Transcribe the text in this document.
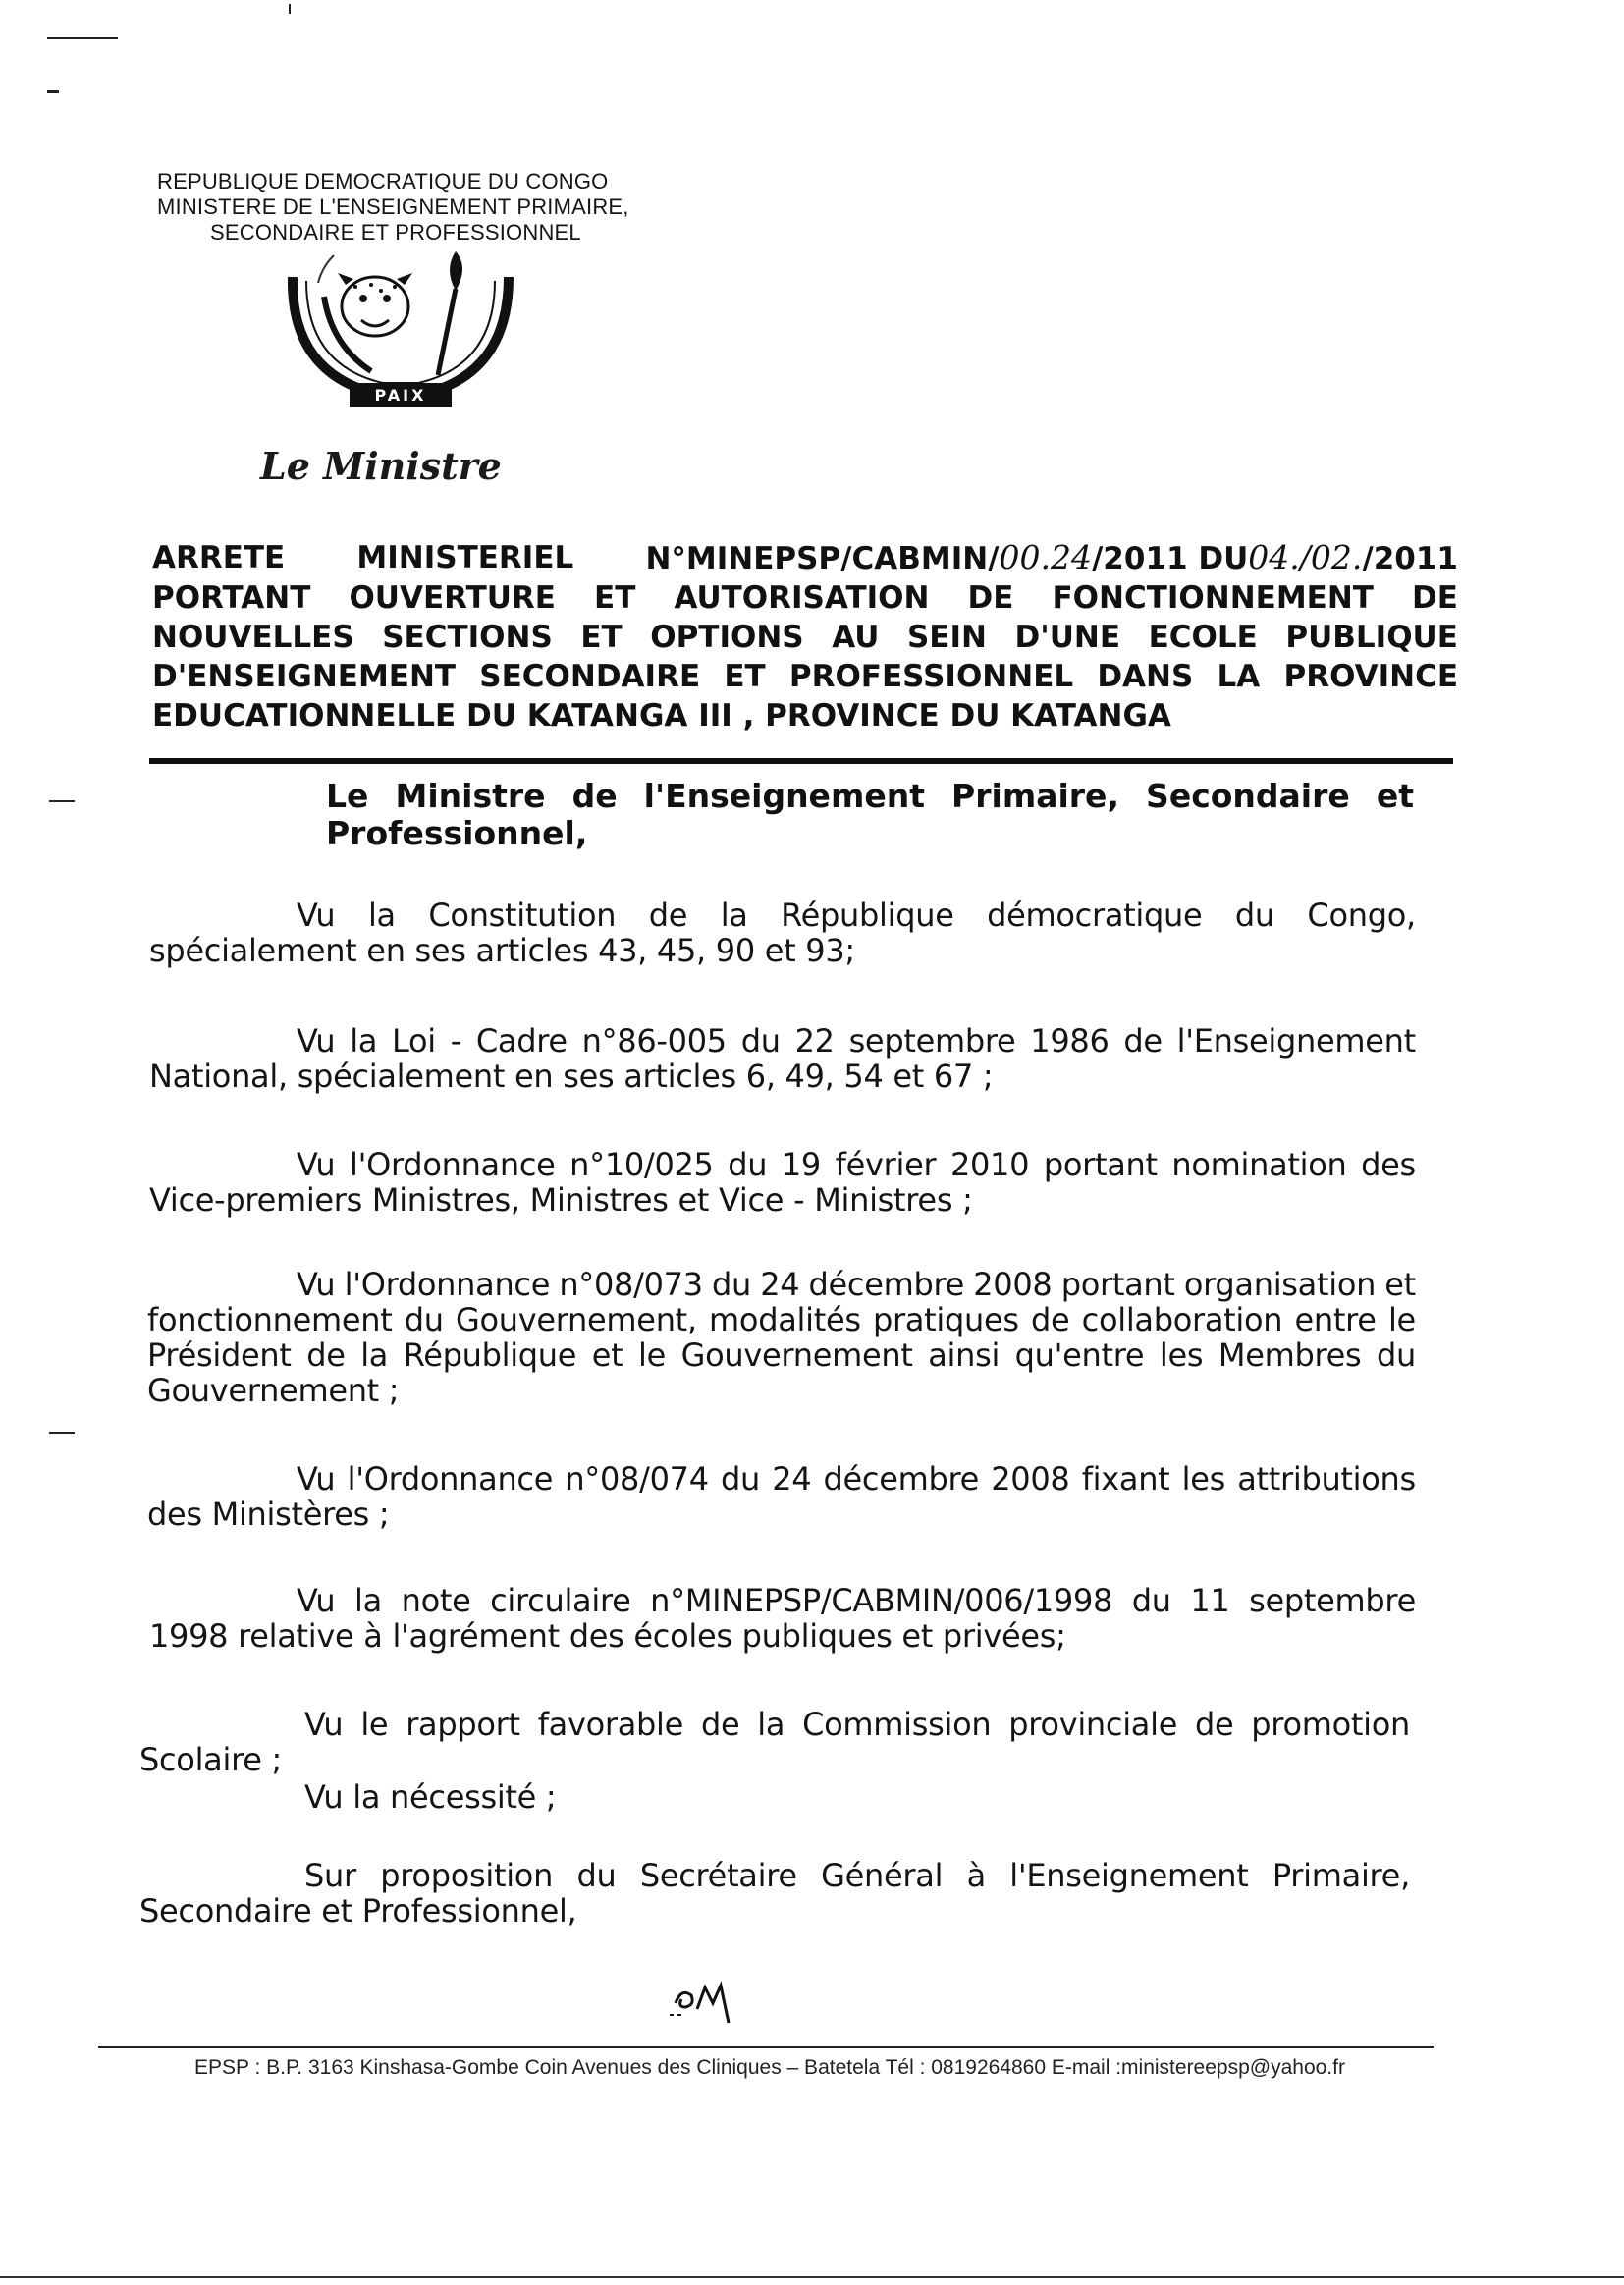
REPUBLIQUE DEMOCRATIQUE DU CONGO
MINISTERE DE L'ENSEIGNEMENT PRIMAIRE,
SECONDAIRE ET PROFESSIONNEL
PAIX
Le Ministre
ARRETE MINISTERIEL N°MINEPSP/CABMIN/00.24/2011 DU04./02./2011
PORTANT OUVERTURE ET AUTORISATION DE FONCTIONNEMENT DE
NOUVELLES SECTIONS ET OPTIONS AU SEIN D'UNE ECOLE PUBLIQUE
D'ENSEIGNEMENT SECONDAIRE ET PROFESSIONNEL DANS LA PROVINCE
EDUCATIONNELLE DU KATANGA III , PROVINCE DU KATANGA
Le Ministre de l'Enseignement Primaire, Secondaire et
Professionnel,
Vu la Constitution de la République démocratique du Congo,
spécialement en ses articles 43, 45, 90 et 93;
Vu la Loi - Cadre n°86-005 du 22 septembre 1986 de l'Enseignement
National, spécialement en ses articles 6, 49, 54 et 67 ;
Vu l'Ordonnance n°10/025 du 19 février 2010 portant nomination des
Vice-premiers Ministres, Ministres et Vice - Ministres ;
Vu l'Ordonnance n°08/073 du 24 décembre 2008 portant organisation et
fonctionnement du Gouvernement, modalités pratiques de collaboration entre le
Président de la République et le Gouvernement ainsi qu'entre les Membres du
Gouvernement ;
Vu l'Ordonnance n°08/074 du 24 décembre 2008 fixant les attributions
des Ministères ;
Vu la note circulaire n°MINEPSP/CABMIN/006/1998 du 11 septembre
1998 relative à l'agrément des écoles publiques et privées;
Vu le rapport favorable de la Commission provinciale de promotion
Scolaire ;
Vu la nécessité ;
Sur proposition du Secrétaire Général à l'Enseignement Primaire,
Secondaire et Professionnel,
EPSP : B.P. 3163 Kinshasa-Gombe Coin Avenues des Cliniques – Batetela Tél : 0819264860 E-mail :ministereepsp@yahoo.fr
